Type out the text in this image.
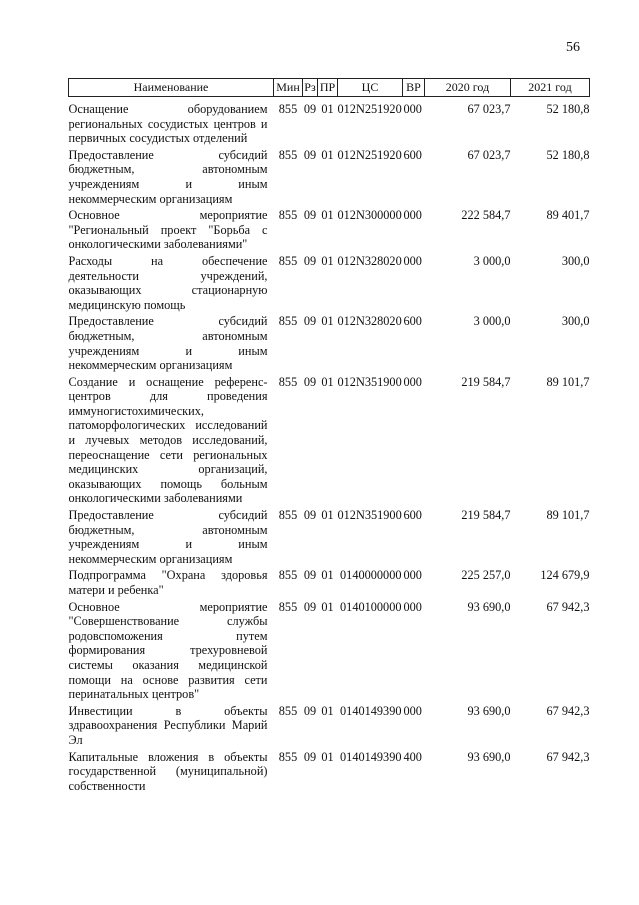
56
Наименование	Мин	Рз	ПР	ЦС	ВР	2020 год	2021 год
Оснащение оборудованием региональных сосудистых центров и первичных сосудистых отделений	855	09	01	012N251920	000	67 023,7	52 180,8
Предоставление субсидий бюджетным, автономным учреждениям и иным некоммерческим организациям	855	09	01	012N251920	600	67 023,7	52 180,8
Основное мероприятие "Региональный проект "Борьба с онкологическими заболеваниями"	855	09	01	012N300000	000	222 584,7	89 401,7
Расходы на обеспечение деятельности учреждений, оказывающих стационарную медицинскую помощь	855	09	01	012N328020	000	3 000,0	300,0
Предоставление субсидий бюджетным, автономным учреждениям и иным некоммерческим организациям	855	09	01	012N328020	600	3 000,0	300,0
Создание и оснащение референс-центров для проведения иммуногистохимических, патоморфологических исследований и лучевых методов исследований, переоснащение сети региональных медицинских организаций, оказывающих помощь больным онкологическими заболеваниями	855	09	01	012N351900	000	219 584,7	89 101,7
Предоставление субсидий бюджетным, автономным учреждениям и иным некоммерческим организациям	855	09	01	012N351900	600	219 584,7	89 101,7
Подпрограмма "Охрана здоровья матери и ребенка"	855	09	01	0140000000	000	225 257,0	124 679,9
Основное мероприятие "Совершенствование службы родовспоможения путем формирования трехуровневой системы оказания медицинской помощи на основе развития сети перинатальных центров"	855	09	01	0140100000	000	93 690,0	67 942,3
Инвестиции в объекты здравоохранения Республики Марий Эл	855	09	01	0140149390	000	93 690,0	67 942,3
Капитальные вложения в объекты государственной (муниципальной) собственности	855	09	01	0140149390	400	93 690,0	67 942,3
